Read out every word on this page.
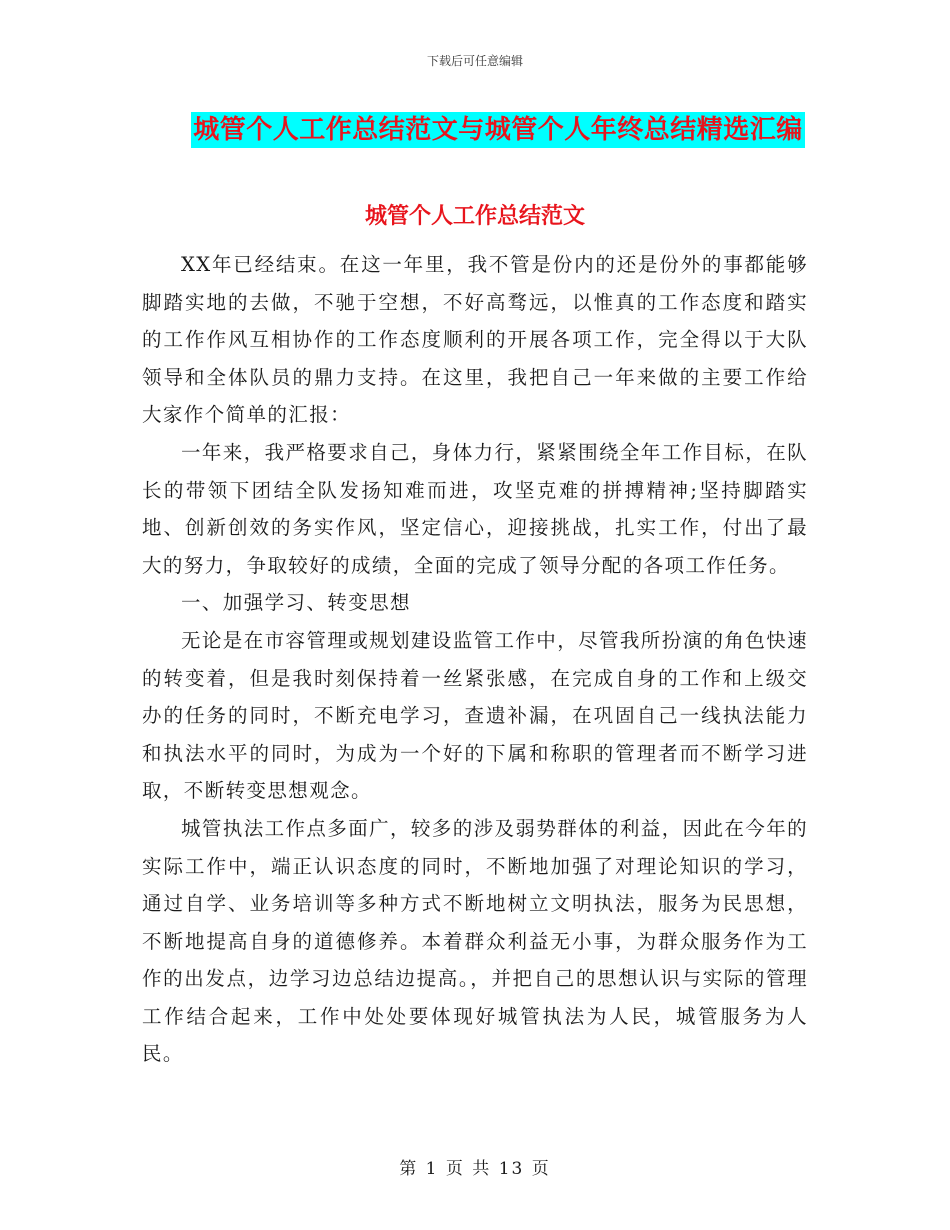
下载后可任意编辑
城管个人工作总结范文与城管个人年终总结精选汇编
城管个人工作总结范文

XX年已经结束。在这一年里，我不管是份内的还是份外的事都能够脚踏实地的去做，不驰于空想，不好高骛远，以惟真的工作态度和踏实的工作作风互相协作的工作态度顺利的开展各项工作，完全得以于大队领导和全体队员的鼎力支持。在这里，我把自己一年来做的主要工作给大家作个简单的汇报：

一年来，我严格要求自己，身体力行，紧紧围绕全年工作目标，在队长的带领下团结全队发扬知难而进，攻坚克难的拼搏精神;坚持脚踏实地、创新创效的务实作风，坚定信心，迎接挑战，扎实工作，付出了最大的努力，争取较好的成绩，全面的完成了领导分配的各项工作任务。

一、加强学习、转变思想

无论是在市容管理或规划建设监管工作中，尽管我所扮演的角色快速的转变着，但是我时刻保持着一丝紧张感，在完成自身的工作和上级交办的任务的同时，不断充电学习，查遗补漏，在巩固自己一线执法能力和执法水平的同时，为成为一个好的下属和称职的管理者而不断学习进取，不断转变思想观念。

城管执法工作点多面广，较多的涉及弱势群体的利益，因此在今年的实际工作中，端正认识态度的同时，不断地加强了对理论知识的学习，通过自学、业务培训等多种方式不断地树立文明执法，服务为民思想，不断地提高自身的道德修养。本着群众利益无小事，为群众服务作为工作的出发点，边学习边总结边提高。，并把自己的思想认识与实际的管理工作结合起来，工作中处处要体现好城管执法为人民，城管服务为人民。

第 1 页 共 13 页
